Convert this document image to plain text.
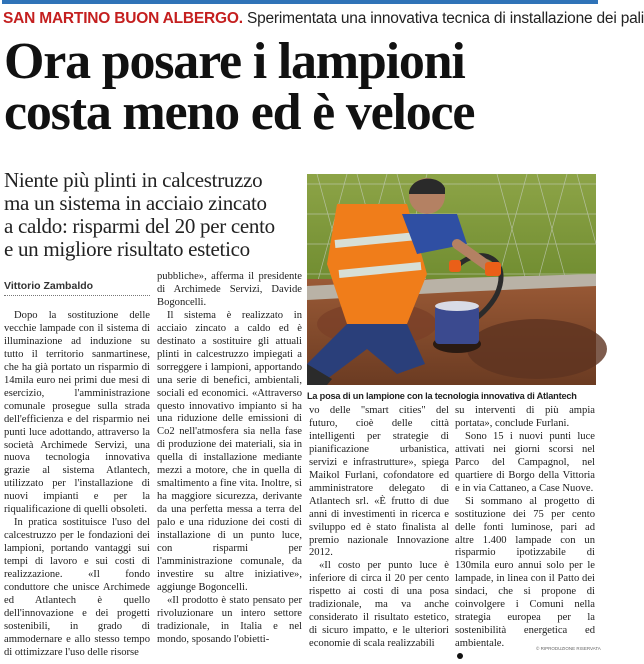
SAN MARTINO BUON ALBERGO. Sperimentata una innovativa tecnica di installazione dei pali
Ora posare i lampioni
costa meno ed è veloce
Niente più plinti in calcestruzzo
ma un sistema in acciaio zincato
a caldo: risparmi del 20 per cento
e un migliore risultato estetico
Vittorio Zambaldo

Dopo la sostituzione delle vecchie lampade con il sistema di illuminazione ad induzione su tutto il territorio sanmartinese, che ha già portato un risparmio di 14mila euro nei primi due mesi di esercizio, l'amministrazione comunale prosegue sulla strada dell'efficienza e del risparmio nei punti luce adottando, attraverso la società Archimede Servizi, una nuova tecnologia innovativa grazie al sistema Atlantech, utilizzato per l'installazione di nuovi impianti e per la riqualificazione di quelli obsoleti.

In pratica sostituisce l'uso del calcestruzzo per le fondazioni dei lampioni, portando vantaggi sui tempi di lavoro e sui costi di realizzazione. «Il fondo conduttore che unisce Archimede ed Atlantech è quello dell'innovazione e dei progetti sostenibili, in grado di ammodernare e allo stesso tempo di ottimizzare l'uso delle risorse

pubbliche», afferma il presidente di Archimede Servizi, Davide Bogoncelli.

Il sistema è realizzato in acciaio zincato a caldo ed è destinato a sostituire gli attuali plinti in calcestruzzo impiegati a sorreggere i lampioni, apportando una serie di benefici, ambientali, sociali ed economici. «Attraverso questo innovativo impianto si ha una riduzione delle emissioni di Co2 nell'atmosfera sia nella fase di produzione dei materiali, sia in quella di installazione mediante mezzi a motore, che in quella di smaltimento a fine vita. Inoltre, si ha maggiore sicurezza, derivante da una perfetta messa a terra del palo e una riduzione dei costi di installazione di un punto luce, con risparmi per l'amministrazione comunale, da investire su altre iniziative», aggiunge Bogoncelli.

«Il prodotto è stato pensato per rivoluzionare un intero settore tradizionale, in Italia e nel mondo, sposando l'obietti-

La posa di un lampione con la tecnologia innovativa di Atlantech

vo delle "smart cities" del futuro, cioè delle città intelligenti per strategie di pianificazione urbanistica, servizi e infrastrutture», spiega Maikol Furlani, cofondatore ed amministratore delegato di Atlantech srl. «È frutto di due anni di investimenti in ricerca e sviluppo ed è stato finalista al premio nazionale Innovazione 2012.

«Il costo per punto luce è inferiore di circa il 20 per cento rispetto ai costi di una posa tradizionale, ma va anche considerato il risultato estetico, di sicuro impatto, e le ulteriori economie di scala realizzabili

su interventi di più ampia portata», conclude Furlani.

Sono 15 i nuovi punti luce attivati nei giorni scorsi nel Parco del Campagnol, nel quartiere di Borgo della Vittoria e in via Cattaneo, a Case Nuove.

Si sommano al progetto di sostituzione dei 75 per cento delle fonti luminose, pari ad altre 1.400 lampade con un risparmio ipotizzabile di 130mila euro annui solo per le lampade, in linea con il Patto dei sindaci, che si propone di coinvolgere i Comuni nella strategia europea per la sostenibilità energetica ed ambientale.	© RIPRODUZIONE RISERVATA
